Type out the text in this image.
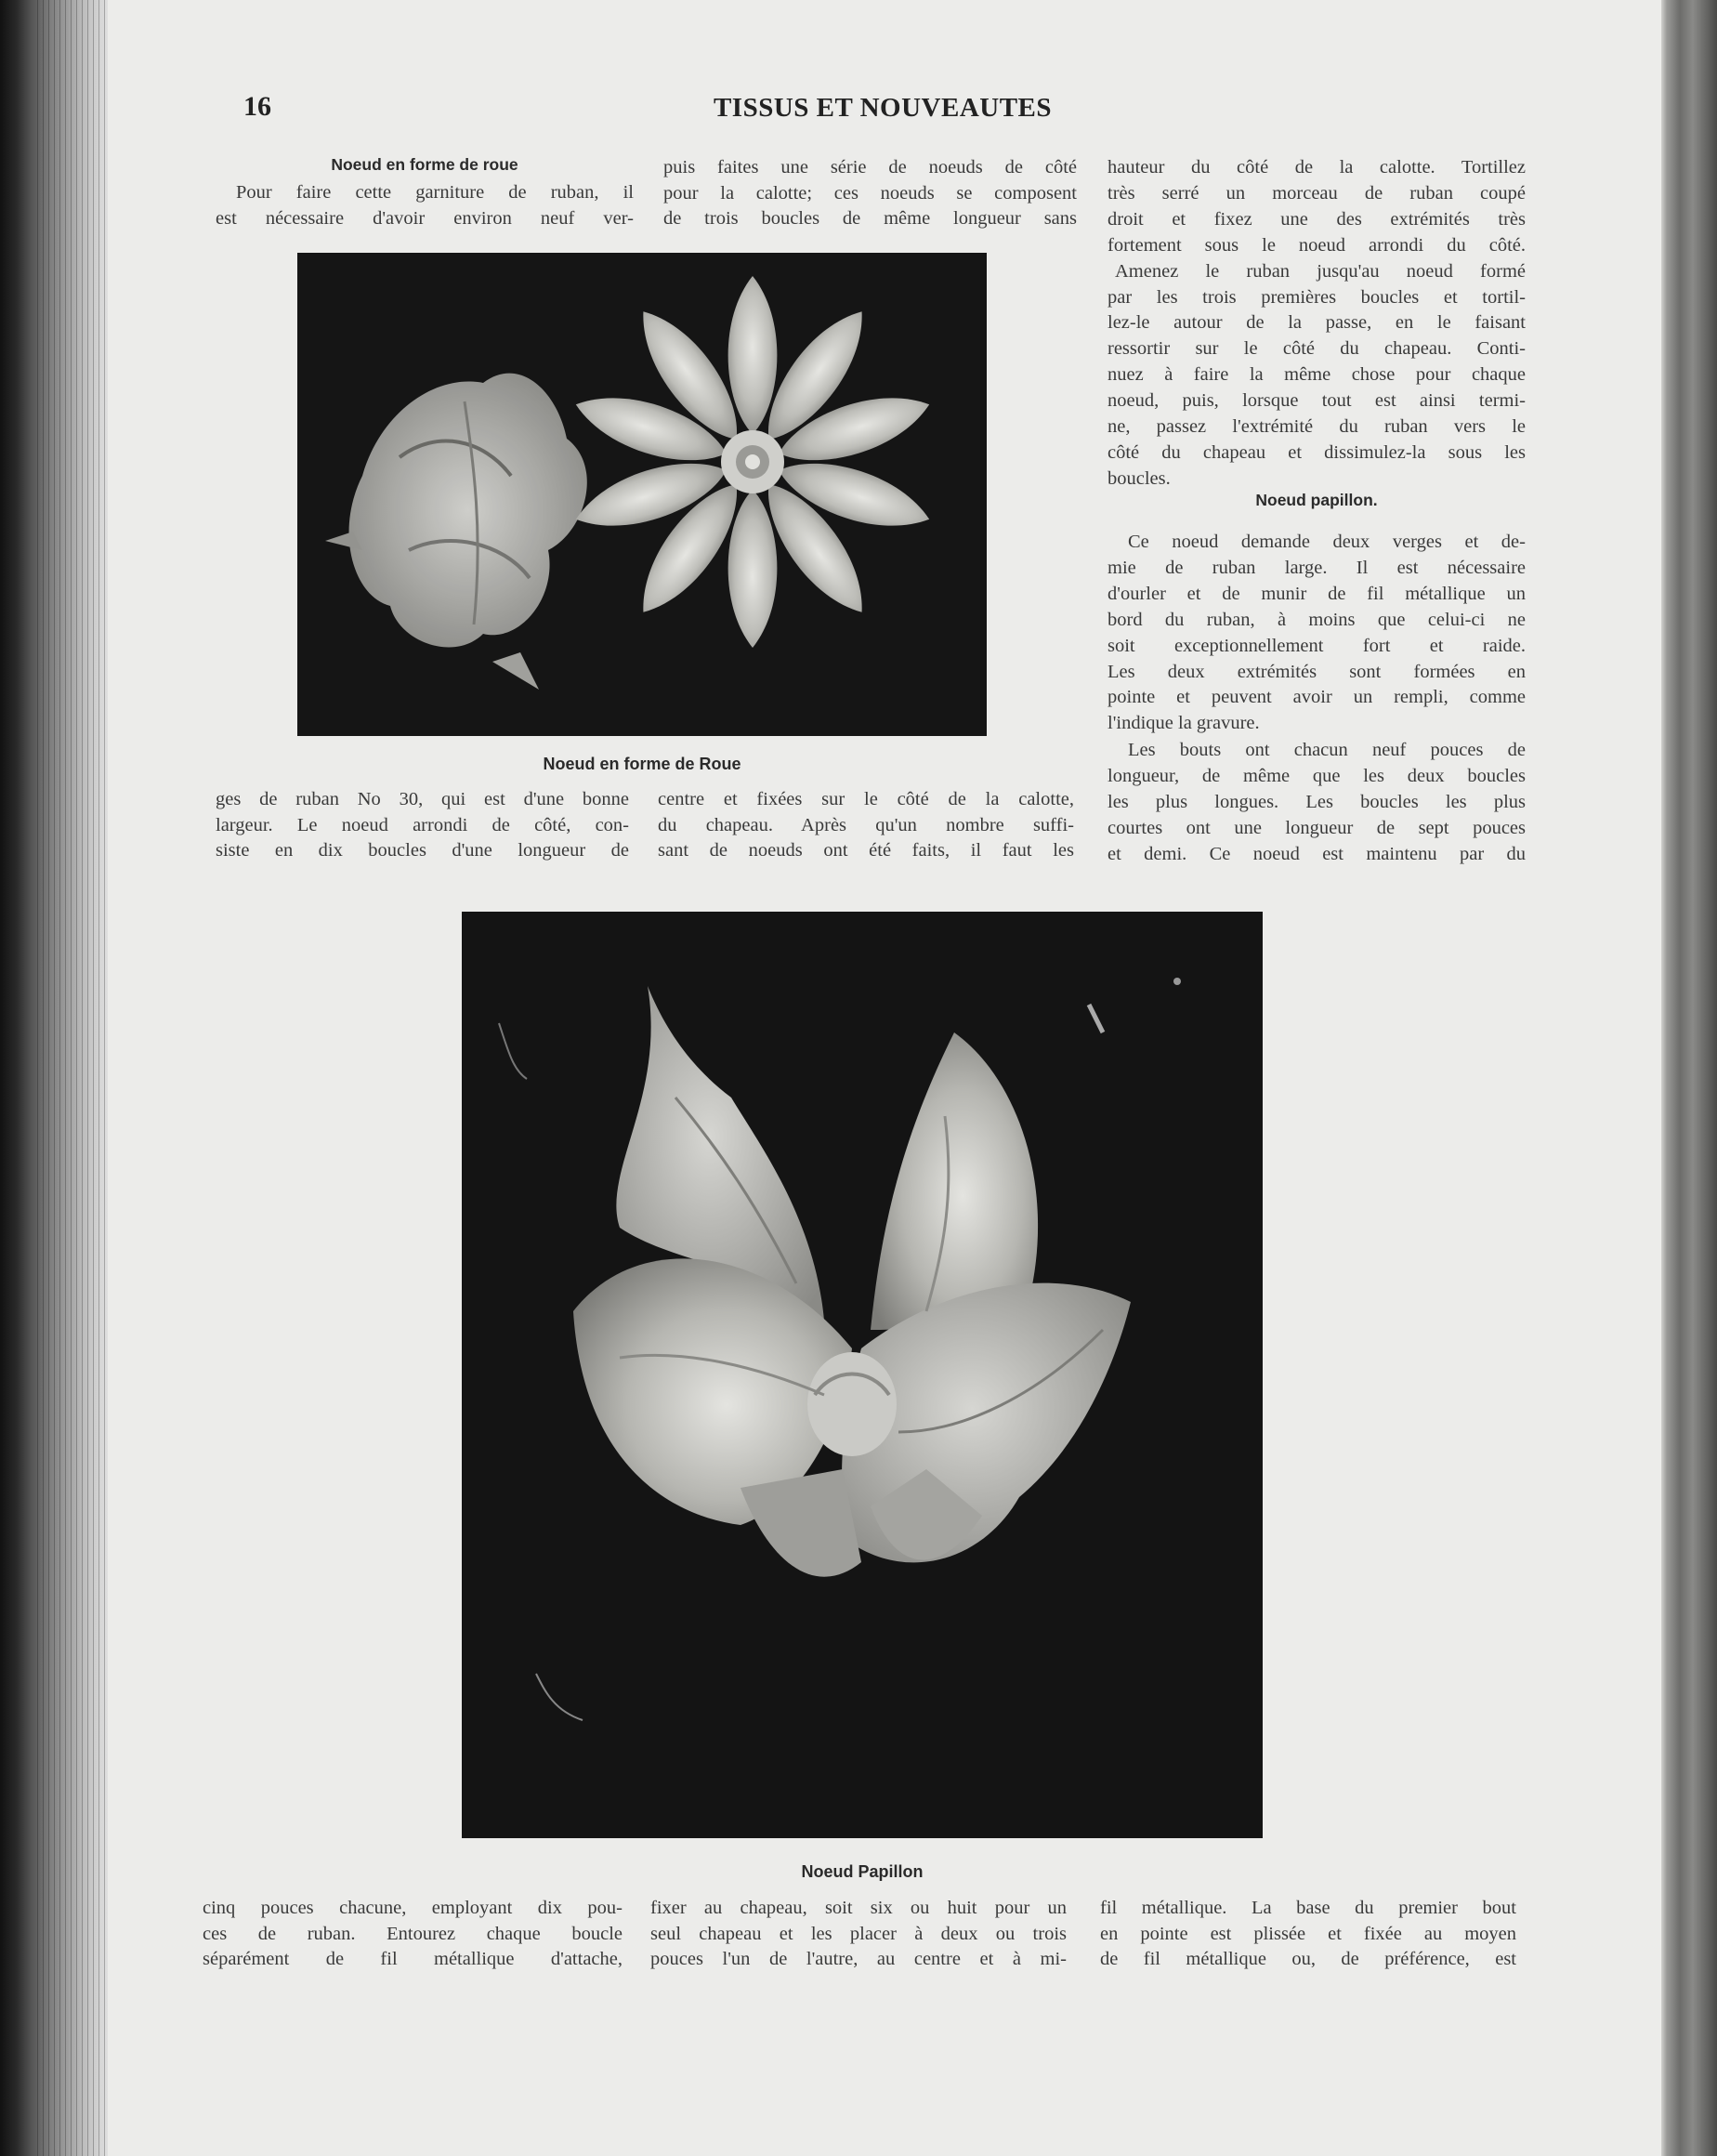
16	TISSUS ET NOUVEAUTES
Noeud en forme de roue
Pour faire cette garniture de ruban, il
est nécessaire d'avoir environ neuf ver-
puis faites une série de noeuds de côté
pour la calotte; ces noeuds se composent
de trois boucles de même longueur sans
Noeud en forme de Roue
ges de ruban No 30, qui est d'une bonne
largeur. Le noeud arrondi de côté, con-
siste en dix boucles d'une longueur de
centre et fixées sur le côté de la calotte,
du chapeau. Après qu'un nombre suffi-
sant de noeuds ont été faits, il faut les
hauteur du côté de la calotte. Tortillez
très serré un morceau de ruban coupé
droit et fixez une des extrémités très
fortement sous le noeud arrondi du côté.
Amenez le ruban jusqu'au noeud formé
par les trois premières boucles et tortil-
lez-le autour de la passe, en le faisant
ressortir sur le côté du chapeau. Conti-
nuez à faire la même chose pour chaque
noeud, puis, lorsque tout est ainsi termi-
ne, passez l'extrémité du ruban vers le
côté du chapeau et dissimulez-la sous les
boucles.
Noeud papillon.
Ce noeud demande deux verges et de-
mie de ruban large. Il est nécessaire
d'ourler et de munir de fil métallique un
bord du ruban, à moins que celui-ci ne
soit exceptionnellement fort et raide.
Les deux extrémités sont formées en
pointe et peuvent avoir un rempli, comme
l'indique la gravure.
Les bouts ont chacun neuf pouces de
longueur, de même que les deux boucles
les plus longues. Les boucles les plus
courtes ont une longueur de sept pouces
et demi. Ce noeud est maintenu par du
Noeud Papillon
cinq pouces chacune, employant dix pou-
ces de ruban. Entourez chaque boucle
séparément de fil métallique d'attache,
fixer au chapeau, soit six ou huit pour un
seul chapeau et les placer à deux ou trois
pouces l'un de l'autre, au centre et à mi-
fil métallique. La base du premier bout
en pointe est plissée et fixée au moyen
de fil métallique ou, de préférence, est
